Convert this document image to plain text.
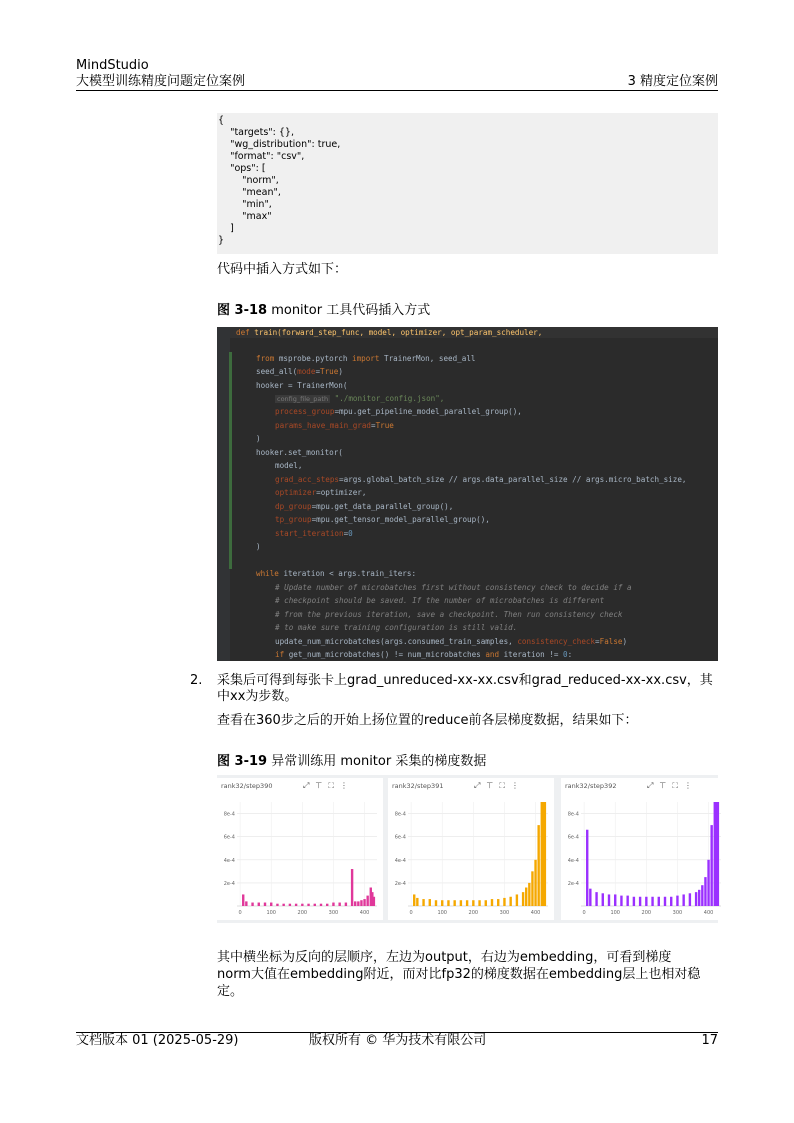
MindStudio
大模型训练精度问题定位案例	3 精度定位案例
{
"targets": {},
"wg_distribution": true,
"format": "csv",
"ops": [
"norm",
"mean",
"min",
"max"
]
}
代码中插入方式如下：
图 3-18 monitor 工具代码插入方式
def train(forward_step_func, model, optimizer, opt_param_scheduler,
from msprobe.pytorch import TrainerMon, seed_all
seed_all(mode=True)
hooker = TrainerMon(
config_file_path "./monitor_config.json",
process_group=mpu.get_pipeline_model_parallel_group(),
params_have_main_grad=True
)
hooker.set_monitor(
model,
grad_acc_steps=args.global_batch_size // args.data_parallel_size // args.micro_batch_size,
optimizer=optimizer,
dp_group=mpu.get_data_parallel_group(),
tp_group=mpu.get_tensor_model_parallel_group(),
start_iteration=0
)
while iteration < args.train_iters:
# Update number of microbatches first without consistency check to decide if a
# checkpoint should be saved. If the number of microbatches is different
# from the previous iteration, save a checkpoint. Then run consistency check
# to make sure training configuration is still valid.
update_num_microbatches(args.consumed_train_samples, consistency_check=False)
if get_num_microbatches() != num_microbatches and iteration != 0:
2. 采集后可得到每张卡上grad_unreduced-xx-xx.csv和grad_reduced-xx-xx.csv，其
中xx为步数。
查看在360步之后的开始上扬位置的reduce前各层梯度数据，结果如下：
图 3-19 异常训练用 monitor 采集的梯度数据
rank32/step390	⤢⊤⛶⋮
2e-4
4e-4
6e-4
8e-4
0	100	200	300	400
rank32/step391	⤢⊤⛶⋮
2e-4
4e-4
6e-4
8e-4
0	100	200	300	400
rank32/step392	⤢⊤⛶⋮
2e-4
4e-4
6e-4
8e-4
0	100	200	300	400
其中横坐标为反向的层顺序，左边为output，右边为embedding，可看到梯度
norm大值在embedding附近，而对比fp32的梯度数据在embedding层上也相对稳
定。
文档版本 01 (2025-05-29)	版权所有 © 华为技术有限公司	17
